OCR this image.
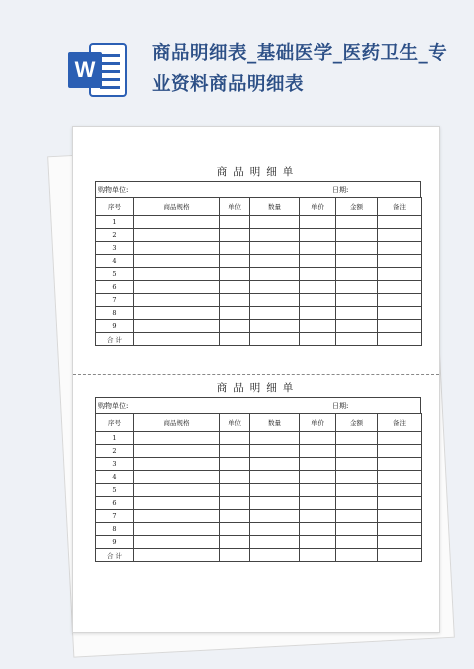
W
商品明细表_基础医学_医药卫生_专业资料商品明细表
商品明细单
购物单位:	日期:
序号	商品规格	单位	数量	单价	金额	备注
1						
2						
3						
4						
5						
6						
7						
8						
9						
合 计						
商品明细单
购物单位:	日期:
序号	商品规格	单位	数量	单价	金额	备注
1						
2						
3						
4						
5						
6						
7						
8						
9						
合 计						
